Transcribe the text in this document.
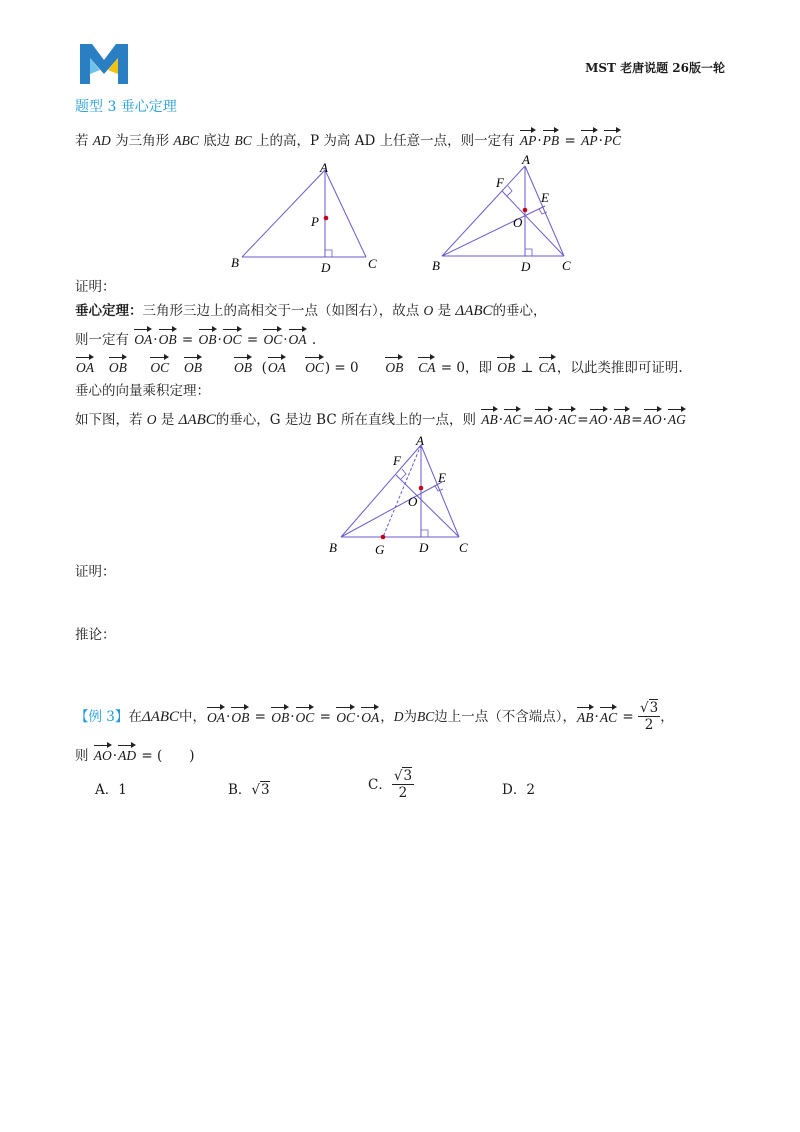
MST 老唐说题 26版一轮
题型 3 垂心定理
若 AD 为三角形 ABC 底边 BC 上的高，P 为高 AD 上任意一点，则一定有 AP·PB = AP·PC
A
B	C
D
P
A
B	C
D
E
F
O
证明：
垂心定理：三角形三边上的高相交于一点（如图右），故点 O 是 ΔABC的垂心，
则一定有 OA·OB = OB·OC = OC·OA .
OA OB OC OB OB (OA OC) = 0 OB CA = 0，即 OB ⊥ CA，以此类推即可证明.
垂心的向量乘积定理：
如下图，若 O 是 ΔABC的垂心，G 是边 BC 所在直线上的一点，则 AB·AC=AO·AC=AO·AB=AO·AG
A
B	C
D
E
F
O
G
证明：
推论：
【例 3】 在 ΔABC 中， OA · OB = OB · OC = OC · OA ， D 为 BC 边上一点（不含端点）， AB · AC = $\frac{√3}{2}$ ，
则 AO·AD = (　　)
A．1	B．√3	C． $\frac{√3}{2}$	D．2
